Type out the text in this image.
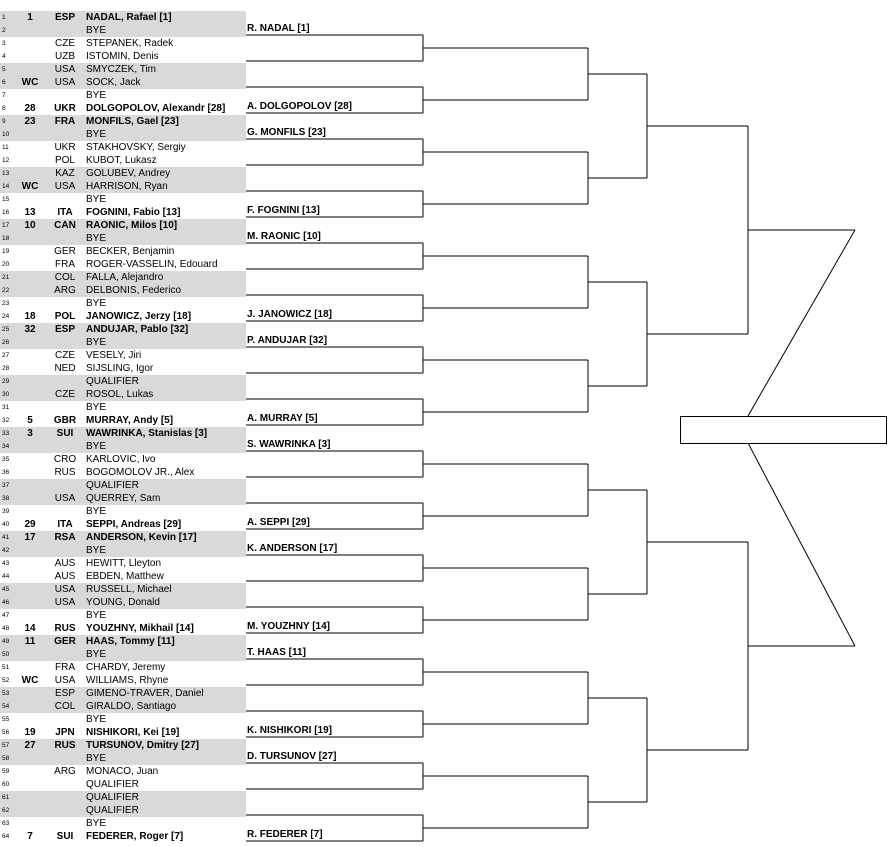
1	1	ESP	NADAL, Rafael [1]
2	BYE
3	CZE	STEPANEK, Radek
4	UZB	ISTOMIN, Denis
5	USA SMYCZEK, Tim
6	WC	USA SOCK, Jack
7	BYE
8	28	UKR DOLGOPOLOV, Alexandr [28]
9	23	FRA MONFILS, Gael [23]
10	BYE
11	UKR STAKHOVSKY, Sergiy
12	POL	KUBOT, Lukasz
13	KAZ	GOLUBEV, Andrey
14	WC	USA HARRISON, Ryan
15	BYE
16	13	ITA	FOGNINI, Fabio [13]
17	10	CAN RAONIC, Milos [10]
18	BYE
19	GER BECKER, Benjamin
20	FRA	ROGER-VASSELIN, Edouard
21	COL FALLA, Alejandro
22	ARG DELBONIS, Federico
23	BYE
24	18	POL JANOWICZ, Jerzy [18]
25	32	ESP	ANDUJAR, Pablo [32]
26	BYE
27	CZE	VESELY, Jiri
28	NED SIJSLING, Igor
29	QUALIFIER
30	CZE	ROSOL, Lukas
31	BYE
32	5	GBR MURRAY, Andy [5]
33	3	SUI	WAWRINKA, Stanislas [3]
34	BYE
35	CRO KARLOVIC, Ivo
36	RUS BOGOMOLOV JR., Alex
37	QUALIFIER
38	USA QUERREY, Sam
39	BYE
40	29	ITA	SEPPI, Andreas [29]
41	17	RSA ANDERSON, Kevin [17]
42	BYE
43	AUS HEWITT, Lleyton
44	AUS EBDEN, Matthew
45	USA RUSSELL, Michael
46	USA YOUNG, Donald
47	BYE
48	14	RUS YOUZHNY, Mikhail [14]
49	11	GER HAAS, Tommy [11]
50	BYE
51	FRA	CHARDY, Jeremy
52	WC	USA WILLIAMS, Rhyne
53	ESP	GIMENO-TRAVER, Daniel
54	COL GIRALDO, Santiago
55	BYE
56	19	JPN	NISHIKORI, Kei [19]
57	27	RUS TURSUNOV, Dmitry [27]
58	BYE
59	ARG MONACO, Juan
60	QUALIFIER
61	QUALIFIER
62	QUALIFIER
63	BYE
64	7	SUI	FEDERER, Roger [7]
R. NADAL [1]
A. DOLGOPOLOV [28]
G. MONFILS [23]
F. FOGNINI [13]
M. RAONIC [10]
J. JANOWICZ [18]
P. ANDUJAR [32]
A. MURRAY [5]
S. WAWRINKA [3]
A. SEPPI [29]
K. ANDERSON [17]
M. YOUZHNY [14]
T. HAAS [11]
K. NISHIKORI [19]
D. TURSUNOV [27]
R. FEDERER [7]
